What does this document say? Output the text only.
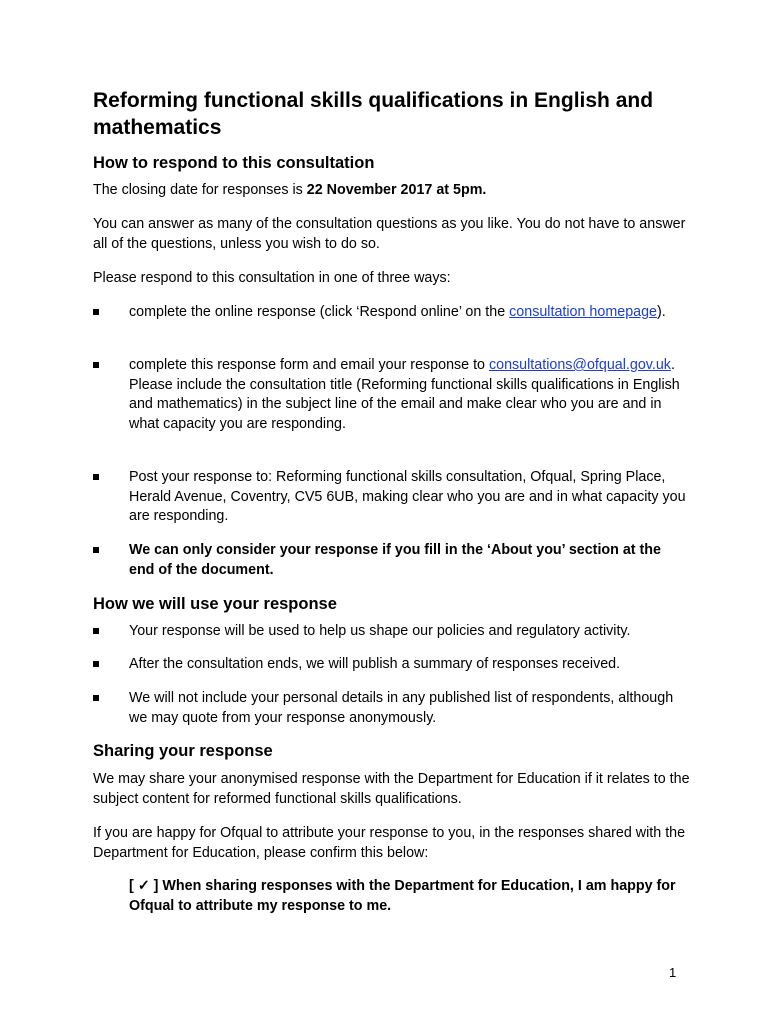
Reforming functional skills qualifications in English and mathematics
How to respond to this consultation

The closing date for responses is 22 November 2017 at 5pm.

You can answer as many of the consultation questions as you like. You do not have to answer all of the questions, unless you wish to do so.

Please respond to this consultation in one of three ways:

complete the online response (click ‘Respond online’ on the consultation homepage).

complete this response form and email your response to consultations@ofqual.gov.uk. Please include the consultation title (Reforming functional skills qualifications in English and mathematics) in the subject line of the email and make clear who you are and in what capacity you are responding.

Post your response to: Reforming functional skills consultation, Ofqual, Spring Place, Herald Avenue, Coventry, CV5 6UB, making clear who you are and in what capacity you are responding.

We can only consider your response if you fill in the ‘About you’ section at the end of the document.

How we will use your response

Your response will be used to help us shape our policies and regulatory activity.

After the consultation ends, we will publish a summary of responses received.

We will not include your personal details in any published list of respondents, although we may quote from your response anonymously.

Sharing your response

We may share your anonymised response with the Department for Education if it relates to the subject content for reformed functional skills qualifications.

If you are happy for Ofqual to attribute your response to you, in the responses shared with the Department for Education, please confirm this below:

[ ✓ ] When sharing responses with the Department for Education, I am happy for Ofqual to attribute my response to me.

1
